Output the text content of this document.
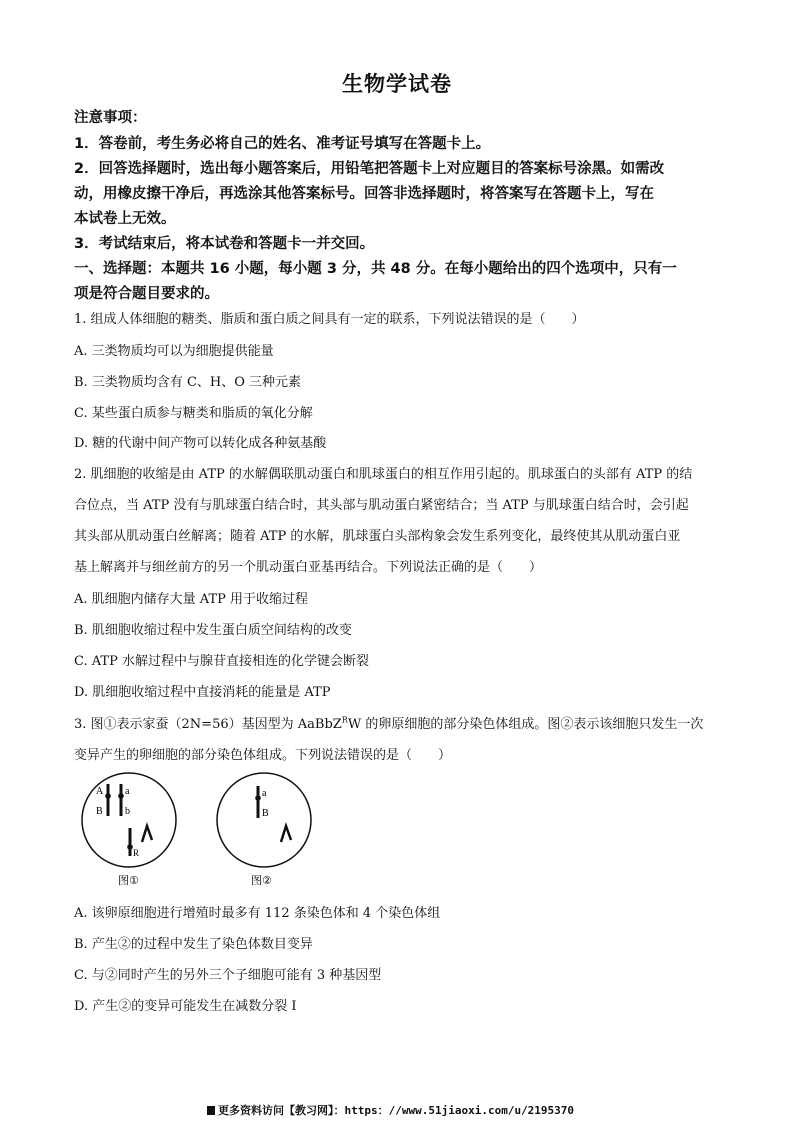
生物学试卷
注意事项：
1．答卷前，考生务必将自己的姓名、准考证号填写在答题卡上。
2．回答选择题时，选出每小题答案后，用铅笔把答题卡上对应题目的答案标号涂黑。如需改
动，用橡皮擦干净后，再选涂其他答案标号。回答非选择题时，将答案写在答题卡上，写在
本试卷上无效。
3．考试结束后，将本试卷和答题卡一并交回。
一、选择题：本题共 16 小题，每小题 3 分，共 48 分。在每小题给出的四个选项中，只有一
项是符合题目要求的。
1. 组成人体细胞的糖类、脂质和蛋白质之间具有一定的联系，下列说法错误的是（　　）
A. 三类物质均可以为细胞提供能量
B. 三类物质均含有 C、H、O 三种元素
C. 某些蛋白质参与糖类和脂质的氧化分解
D. 糖的代谢中间产物可以转化成各种氨基酸
2. 肌细胞的收缩是由 ATP 的水解偶联肌动蛋白和肌球蛋白的相互作用引起的。肌球蛋白的头部有 ATP 的结
合位点，当 ATP 没有与肌球蛋白结合时，其头部与肌动蛋白紧密结合；当 ATP 与肌球蛋白结合时，会引起
其头部从肌动蛋白丝解离；随着 ATP 的水解，肌球蛋白头部构象会发生系列变化，最终使其从肌动蛋白亚
基上解离并与细丝前方的另一个肌动蛋白亚基再结合。下列说法正确的是（　　）
A. 肌细胞内储存大量 ATP 用于收缩过程
B. 肌细胞收缩过程中发生蛋白质空间结构的改变
C. ATP 水解过程中与腺苷直接相连的化学键会断裂
D. 肌细胞收缩过程中直接消耗的能量是 ATP
3. 图①表示家蚕（2N=56）基因型为 AaBbZ$^R$W 的卵原细胞的部分染色体组成。图②表示该细胞只发生一次
变异产生的卵细胞的部分染色体组成。下列说法错误的是（　　）
A a
B b
R
图①
a
B
图②
A. 该卵原细胞进行增殖时最多有 112 条染色体和 4 个染色体组
B. 产生②的过程中发生了染色体数目变异
C. 与②同时产生的另外三个子细胞可能有 3 种基因型
D. 产生②的变异可能发生在减数分裂 I
更多资料访问【教习网】：https：//www.51jiaoxi.com/u/2195370
